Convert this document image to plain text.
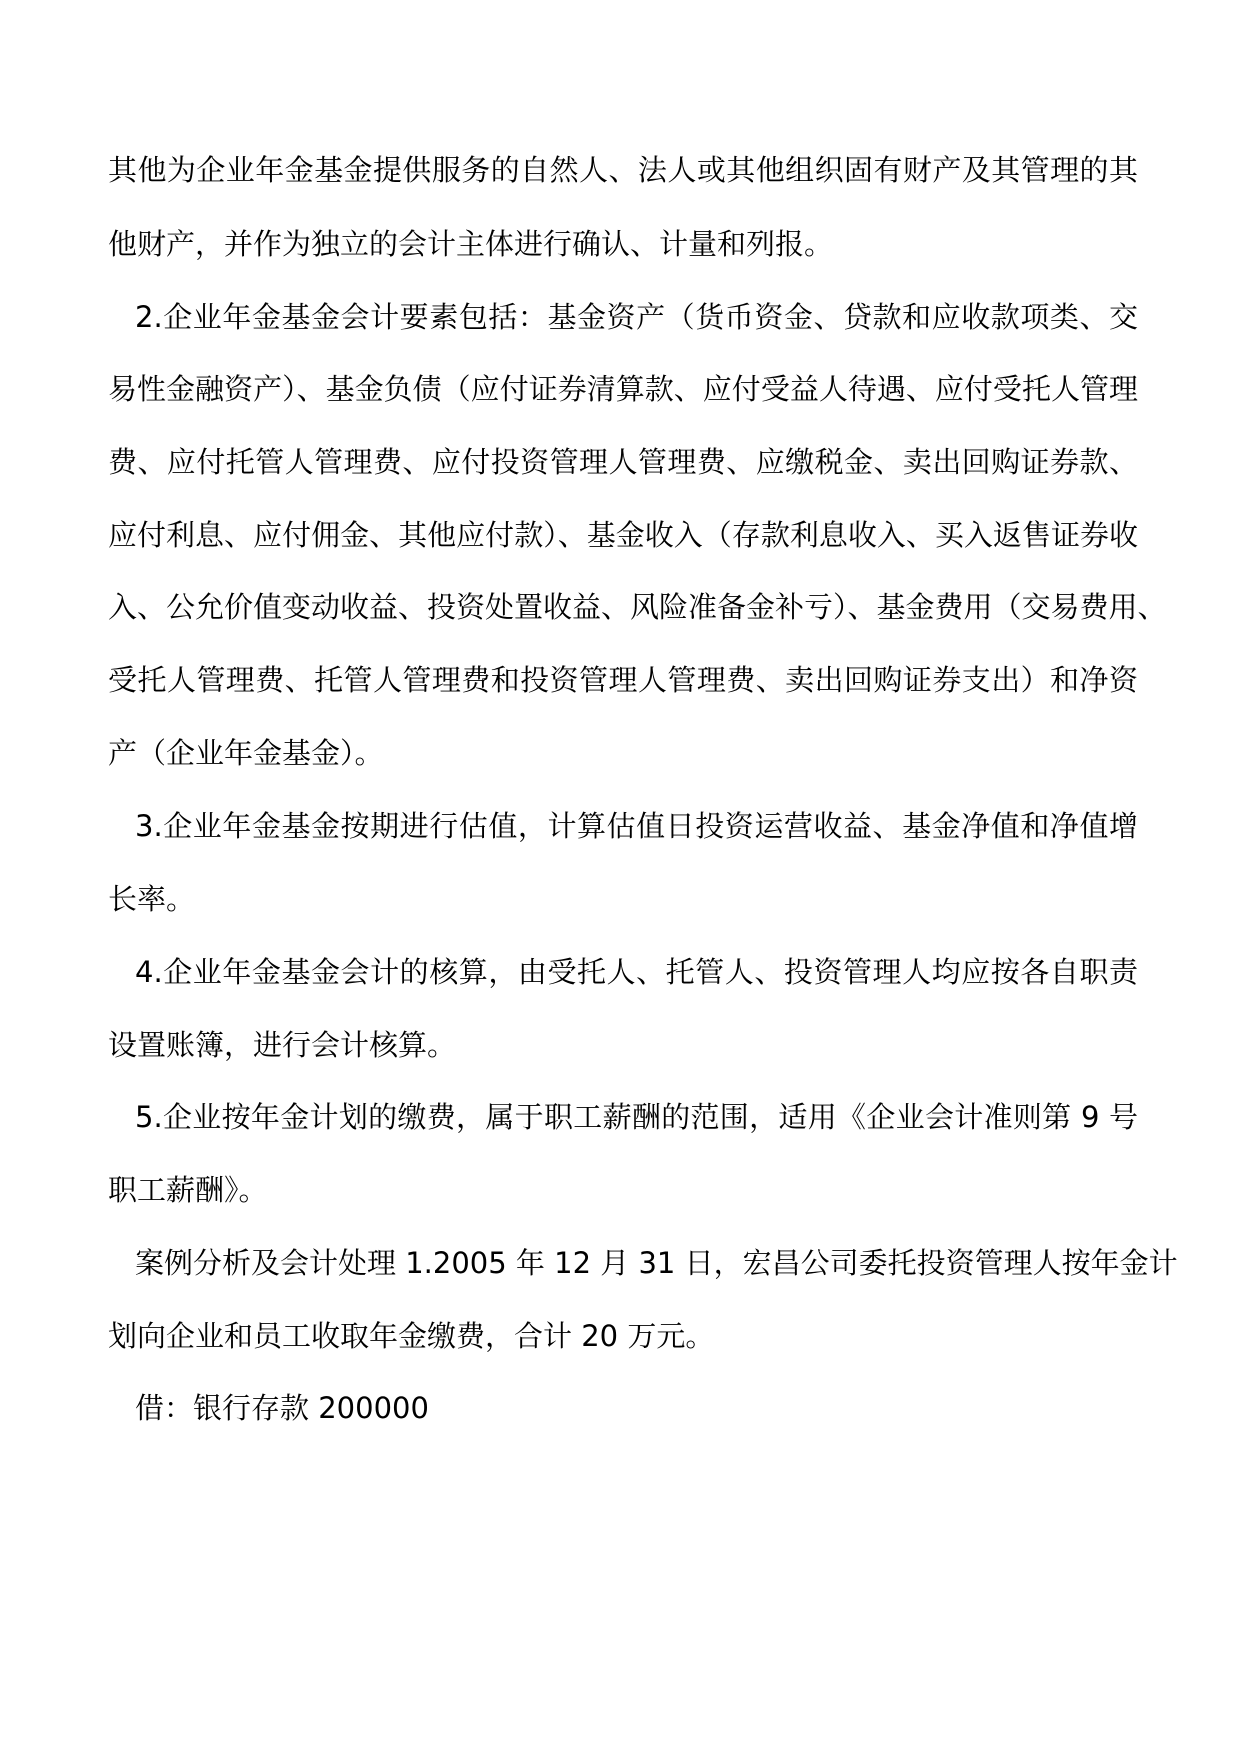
其他为企业年金基金提供服务的自然人、法人或其他组织固有财产及其管理的其
他财产，并作为独立的会计主体进行确认、计量和列报。
2.企业年金基金会计要素包括：基金资产（货币资金、贷款和应收款项类、交
易性金融资产）、基金负债（应付证券清算款、应付受益人待遇、应付受托人管理
费、应付托管人管理费、应付投资管理人管理费、应缴税金、卖出回购证券款、
应付利息、应付佣金、其他应付款）、基金收入（存款利息收入、买入返售证券收
入、公允价值变动收益、投资处置收益、风险准备金补亏）、基金费用（交易费用、
受托人管理费、托管人管理费和投资管理人管理费、卖出回购证券支出）和净资
产（企业年金基金）。
3.企业年金基金按期进行估值，计算估值日投资运营收益、基金净值和净值增
长率。
4.企业年金基金会计的核算，由受托人、托管人、投资管理人均应按各自职责
设置账簿，进行会计核算。
5.企业按年金计划的缴费，属于职工薪酬的范围，适用《企业会计准则第 9 号
职工薪酬》。
案例分析及会计处理 1.2005 年 12 月 31 日，宏昌公司委托投资管理人按年金计
划向企业和员工收取年金缴费，合计 20 万元。
借：银行存款 200000
